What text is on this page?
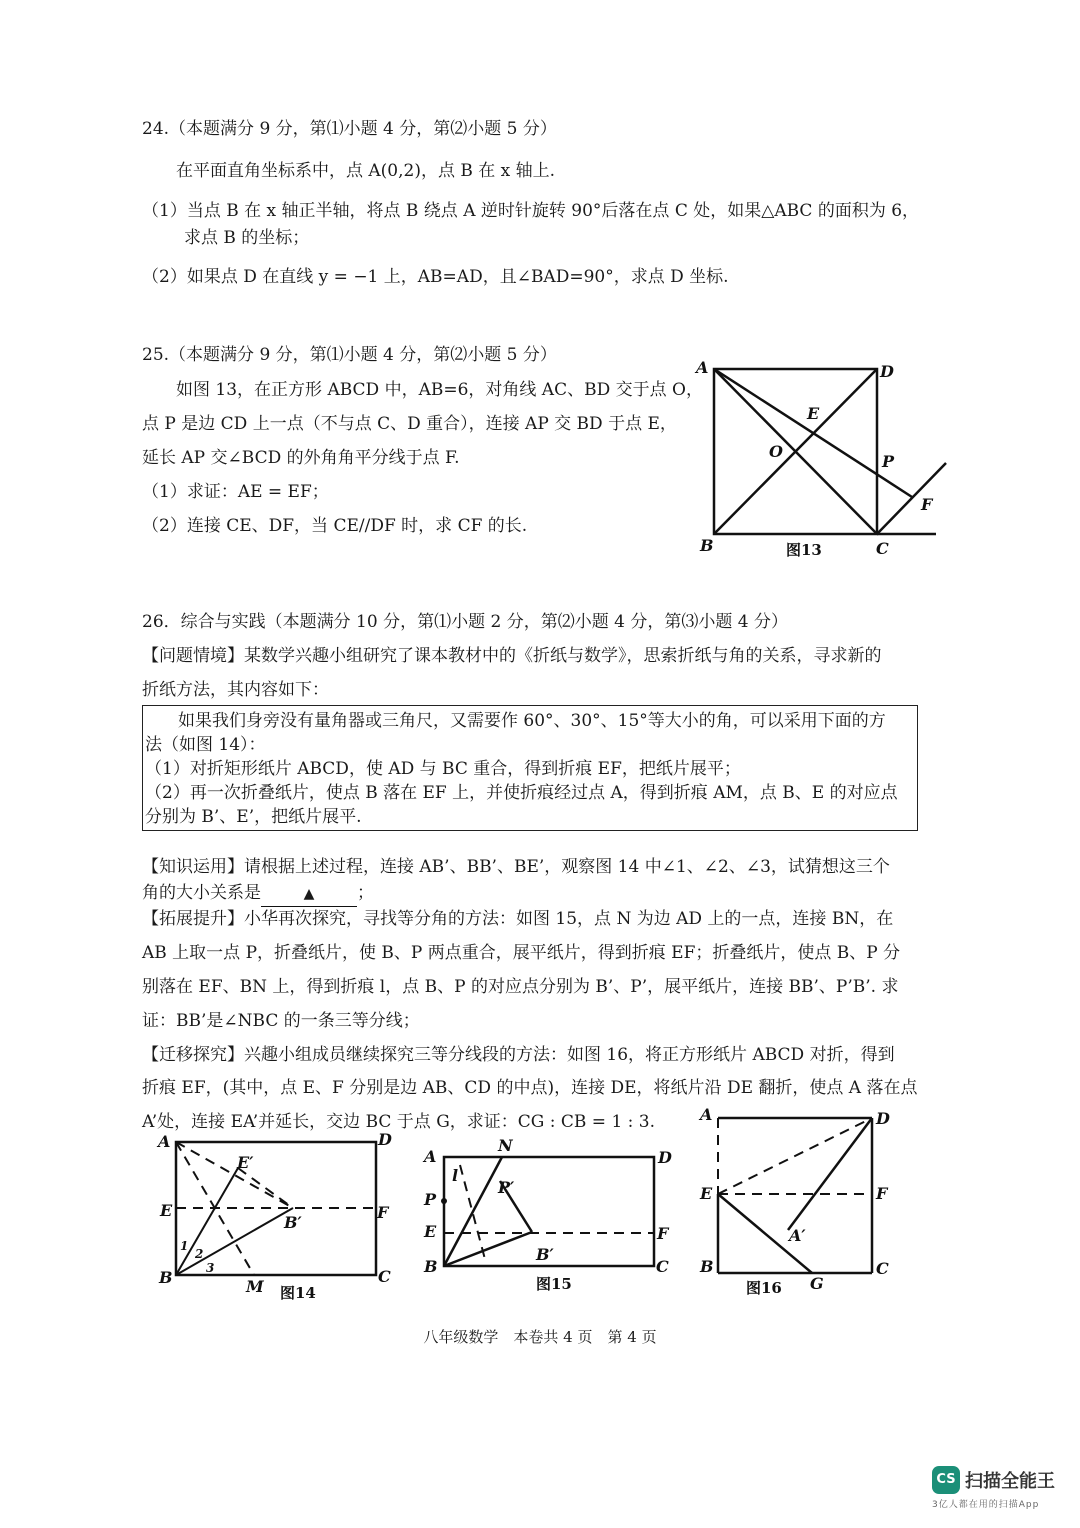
24.（本题满分 9 分，第⑴小题 4 分，第⑵小题 5 分）
在平面直角坐标系中，点 A(0,2)，点 B 在 x 轴上.
（1）当点 B 在 x 轴正半轴，将点 B 绕点 A 逆时针旋转 90°后落在点 C 处，如果△ABC 的面积为 6，
求点 B 的坐标；
（2）如果点 D 在直线 y = −1 上，AB=AD，且∠BAD=90°，求点 D 坐标.
25.（本题满分 9 分，第⑴小题 4 分，第⑵小题 5 分）
如图 13，在正方形 ABCD 中，AB=6，对角线 AC、BD 交于点 O，
点 P 是边 CD 上一点（不与点 C、D 重合），连接 AP 交 BD 于点 E，
延长 AP 交∠BCD 的外角角平分线于点 F.
（1）求证：AE = EF；
（2）连接 CE、DF，当 CE//DF 时，求 CF 的长.
A	D
E
O
P
F
B	C
图13
26．综合与实践（本题满分 10 分，第⑴小题 2 分，第⑵小题 4 分，第⑶小题 4 分）
【问题情境】某数学兴趣小组研究了课本教材中的《折纸与数学》，思索折纸与角的关系，寻求新的
折纸方法，其内容如下：
如果我们身旁没有量角器或三角尺，又需要作 60°、30°、15°等大小的角，可以采用下面的方
法（如图 14）：
（1）对折矩形纸片 ABCD，使 AD 与 BC 重合，得到折痕 EF，把纸片展平；
（2）再一次折叠纸片，使点 B 落在 EF 上，并使折痕经过点 A，得到折痕 AM，点 B、E 的对应点
分别为 B’、E’，把纸片展平.
【知识运用】请根据上述过程，连接 AB’、BB’、BE’，观察图 14 中∠1、∠2、∠3，试猜想这三个
角的大小关系是	▲	；
【拓展提升】小华再次探究，寻找等分角的方法：如图 15，点 N 为边 AD 上的一点，连接 BN，在
AB 上取一点 P，折叠纸片，使 B、P 两点重合，展平纸片，得到折痕 EF；折叠纸片，使点 B、P 分
别落在 EF、BN 上，得到折痕 l，点 B、P 的对应点分别为 B’、P’，展平纸片，连接 BB’、P’B’. 求
证：BB’是∠NBC 的一条三等分线；
【迁移探究】兴趣小组成员继续探究三等分线段的方法：如图 16，将正方形纸片 ABCD 对折，得到
折痕 EF，(其中，点 E、F 分别是边 AB、CD 的中点)，连接 DE，将纸片沿 DE 翻折，使点 A 落在点
A’处，连接 EA’并延长，交边 BC 于点 G，求证：CG : CB = 1 : 3.
A	D
E	F
E′
B′
1
2
3
B	M
C
图14
A
N
D
l
P′
P
E	F
B′
B	C
图15
A	D
E	F
A′
B	C
G
图16
八年级数学　本卷共 4 页　第 4 页
CS 扫描全能王
3亿人都在用的扫描App
